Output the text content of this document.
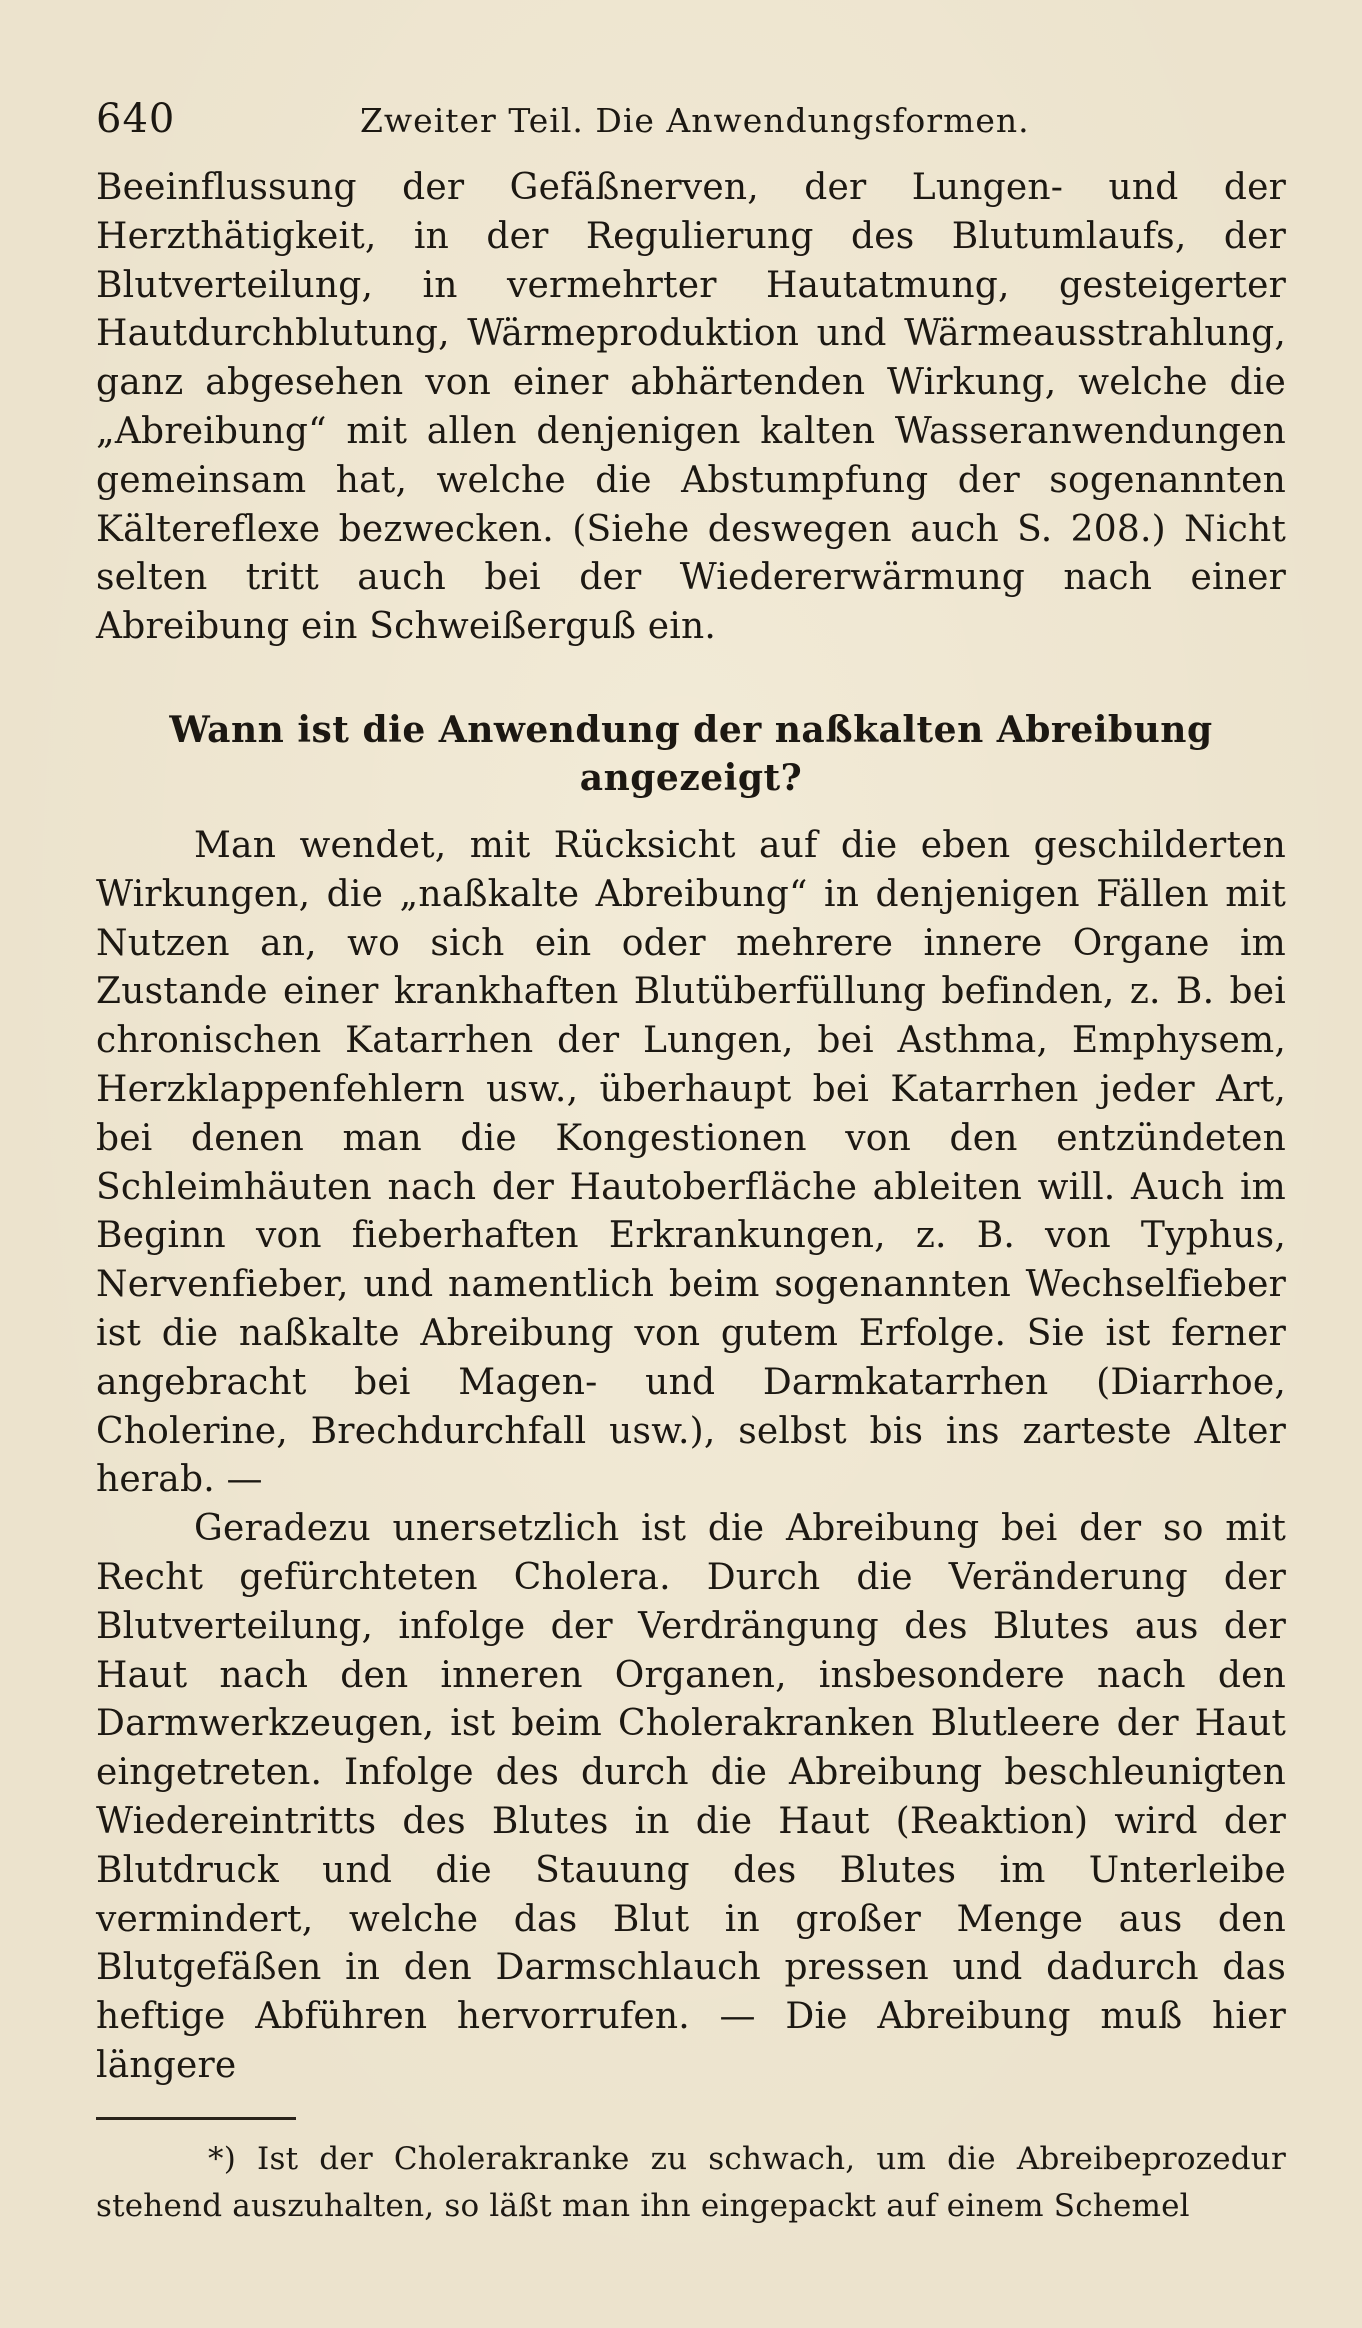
640	Zweiter Teil. Die Anwendungsformen.

Beeinflussung der Gefäßnerven, der Lungen- und der Herzthätigkeit, in der Regulierung des Blutumlaufs, der Blutverteilung, in vermehrter Hautatmung, gesteigerter Hautdurchblutung, Wärmeproduktion und Wärmeausstrahlung, ganz abgesehen von einer abhärtenden Wirkung, welche die „Abreibung“ mit allen denjenigen kalten Wasseranwendungen gemeinsam hat, welche die Abstumpfung der sogenannten Kältereflexe bezwecken. (Siehe deswegen auch S. 208.) Nicht selten tritt auch bei der Wiedererwärmung nach einer Abreibung ein Schweißerguß ein.

Wann ist die Anwendung der naßkalten Abreibung angezeigt?

Man wendet, mit Rücksicht auf die eben geschilderten Wirkungen, die „naßkalte Abreibung“ in denjenigen Fällen mit Nutzen an, wo sich ein oder mehrere innere Organe im Zustande einer krankhaften Blutüberfüllung befinden, z. B. bei chronischen Katarrhen der Lungen, bei Asthma, Emphysem, Herzklappenfehlern usw., überhaupt bei Katarrhen jeder Art, bei denen man die Kongestionen von den entzündeten Schleimhäuten nach der Hautoberfläche ableiten will. Auch im Beginn von fieberhaften Erkrankungen, z. B. von Typhus, Nervenfieber, und namentlich beim sogenannten Wechselfieber ist die naßkalte Abreibung von gutem Erfolge. Sie ist ferner angebracht bei Magen- und Darmkatarrhen (Diarrhoe, Cholerine, Brechdurchfall usw.), selbst bis ins zarteste Alter herab. —

Geradezu unersetzlich ist die Abreibung bei der so mit Recht gefürchteten Cholera. Durch die Veränderung der Blutverteilung, infolge der Verdrängung des Blutes aus der Haut nach den inneren Organen, insbesondere nach den Darmwerkzeugen, ist beim Cholerakranken Blutleere der Haut eingetreten. Infolge des durch die Abreibung beschleunigten Wiedereintritts des Blutes in die Haut (Reaktion) wird der Blutdruck und die Stauung des Blutes im Unterleibe vermindert, welche das Blut in großer Menge aus den Blutgefäßen in den Darmschlauch pressen und dadurch das heftige Abführen hervorrufen. — Die Abreibung muß hier längere

*) Ist der Cholerakranke zu schwach, um die Abreibeprozedur stehend auszuhalten, so läßt man ihn eingepackt auf einem Schemel
